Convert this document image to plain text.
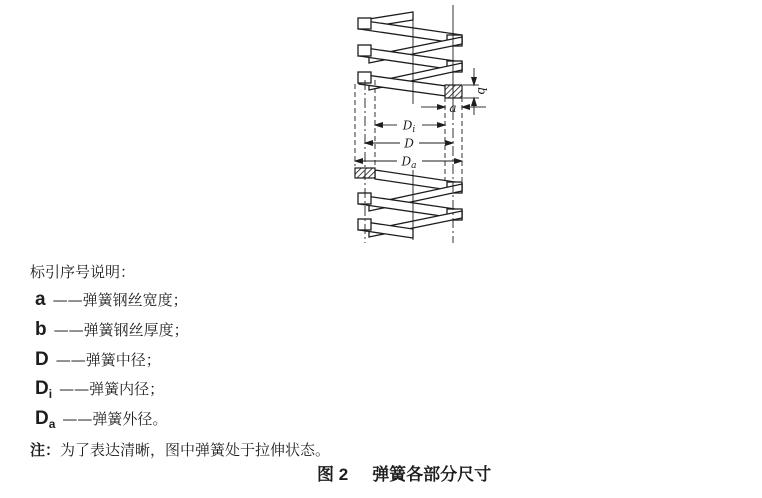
b
a
$D_i$
D
$D_a$
标引序号说明：
a ——弹簧钢丝宽度；
b ——弹簧钢丝厚度；
D ——弹簧中径；
$D_i$ ——弹簧内径；
$D_a$ ——弹簧外径。
注：为了表达清晰，图中弹簧处于拉伸状态。
图 2 弹簧各部分尺寸
